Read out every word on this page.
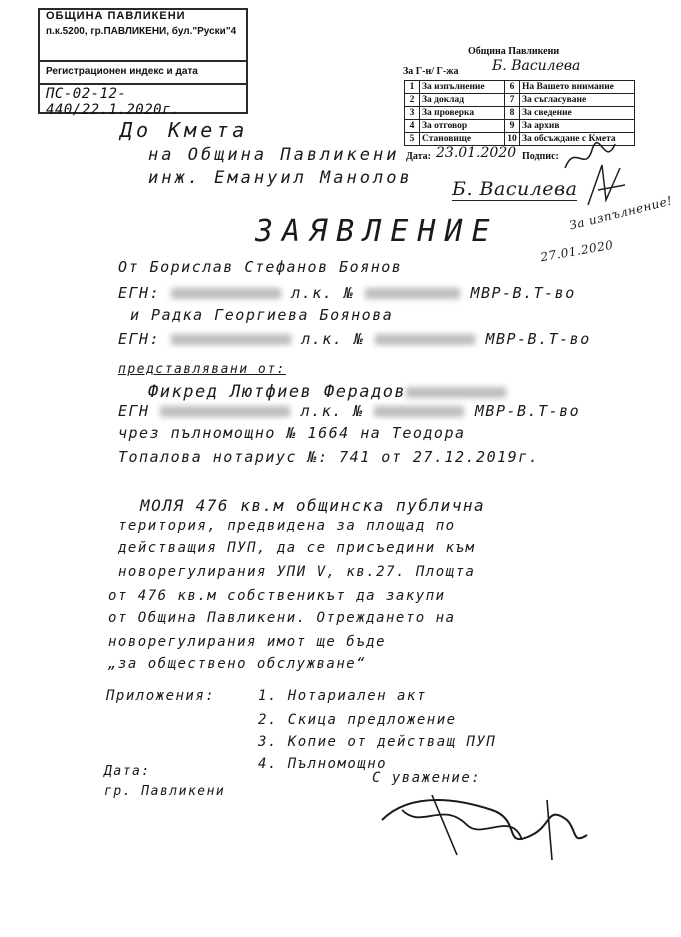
ОБЩИНА ПАВЛИКЕНИ
п.к.5200, гр.ПАВЛИКЕНИ, бул."Руски"4
Регистрационен индекс и дата
ПС-02-12-440/22.1.2020г.
Община Павликени
За Г-н/ Г-жа Б. Василева
1	За изпълнение	6	На Вашето внимание
2	За доклад	7	За съгласуване
3	За проверка	8	За сведение
4	За отговор	9	За архив
5	Становище	10	За обсъждане с Кмета
Дата: 23.01.2020 Подпис:
До Кмета
на Община Павликени
инж. Емануил Манолов Б. Василева
За изпълнение!
27.01.2020
ЗАЯВЛЕНИЕ
От Борислав Стефанов Боянов
ЕГН:	л.к. №	МВР-В.Т-во
и Радка Георгиева Боянова
ЕГН:	л.к. №	МВР-В.Т-во
представлявани от:
Фикред Лютфиев Ферадов
ЕГН	л.к. №	МВР-В.Т-во
чрез пълномощно № 1664 на Теодора
Топалова нотариус №: 741 от 27.12.2019г.
МОЛЯ 476 кв.м общинска публична
територия, предвидена за площад по
действащия ПУП, да се присъедини към
новорегулирания УПИ V, кв.27. Площта
от 476 кв.м собственикът да закупи
от Община Павликени. Отреждането на
новорегулирания имот ще бъде
„за обществено обслужване“
Приложения:	1. Нотариален акт
2. Скица предложение
3. Копие от действащ ПУП
4. Пълномощно
С уважение:
Дата:
гр. Павликени
